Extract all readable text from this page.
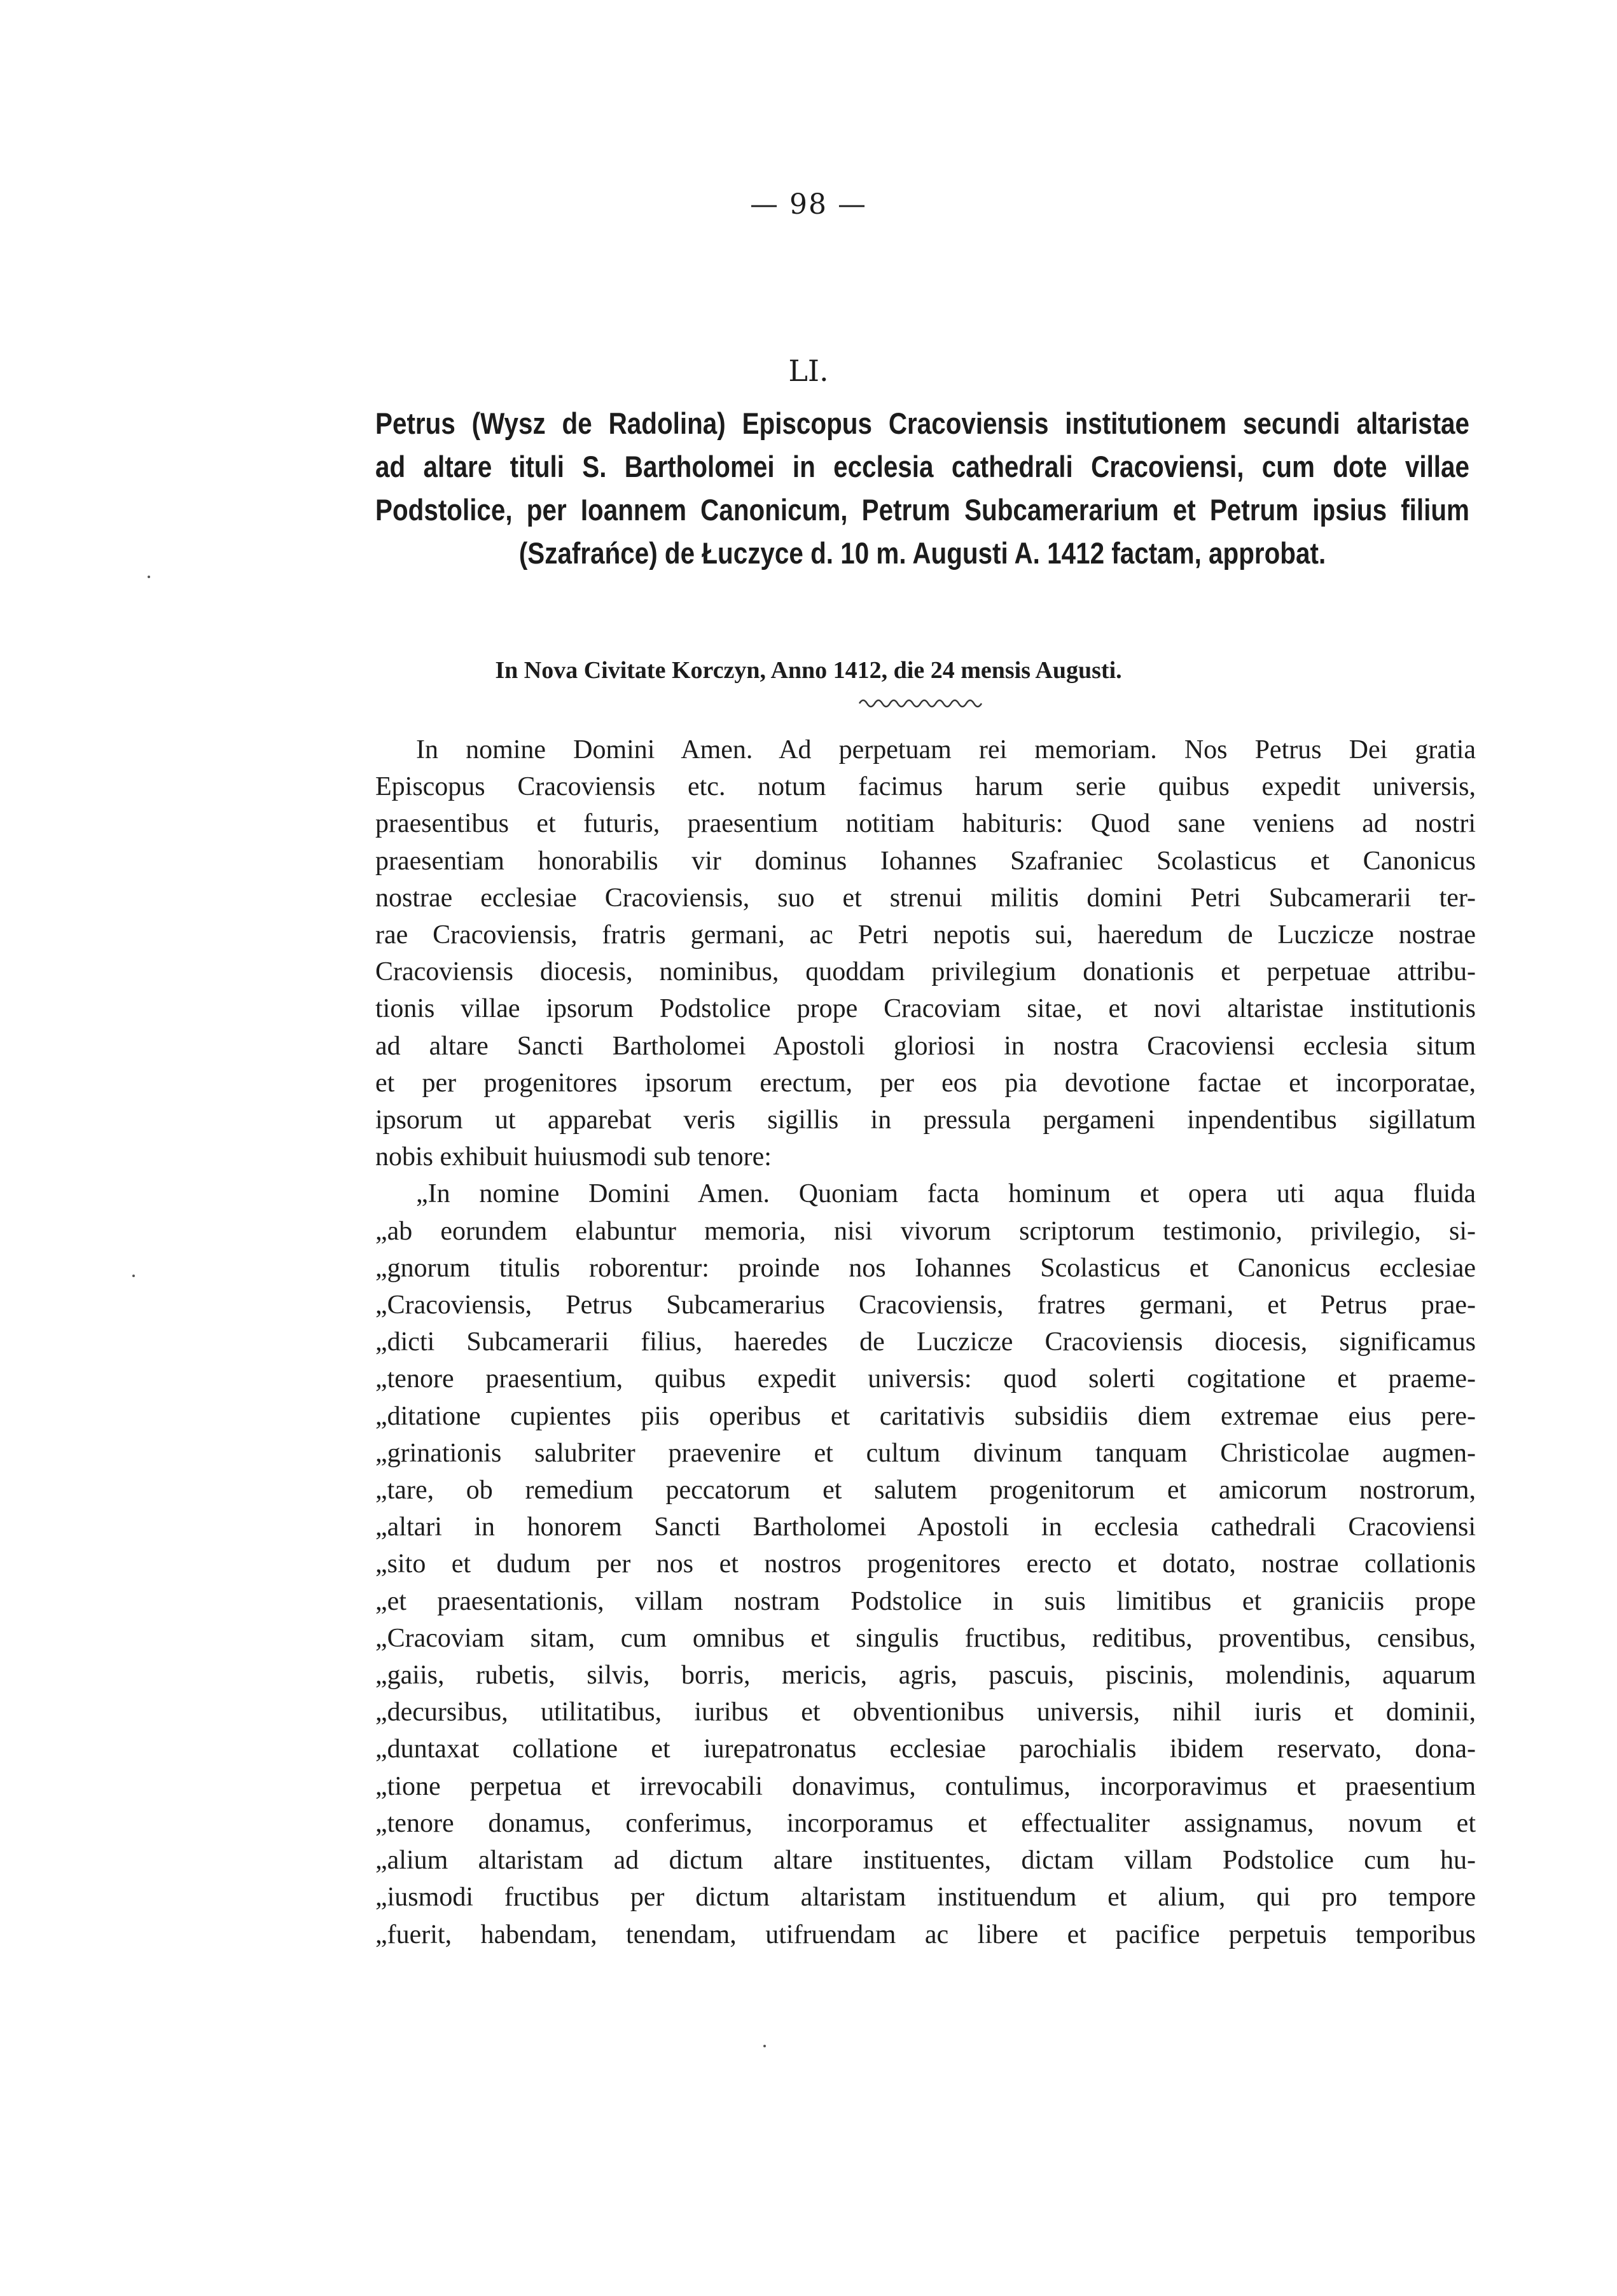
— 98 —
LI.
Petrus (Wysz de Radolina) Episcopus Cracoviensis institutionem secundi altaristae
ad altare tituli S. Bartholomei in ecclesia cathedrali Cracoviensi, cum dote villae
Podstolice, per Ioannem Canonicum, Petrum Subcamerarium et Petrum ipsius filium
(Szafrańce) de Łuczyce d. 10 m. Augusti A. 1412 factam, approbat.
In Nova Civitate Korczyn, Anno 1412, die 24 mensis Augusti.
In nomine Domini Amen. Ad perpetuam rei memoriam. Nos Petrus Dei gratia
Episcopus Cracoviensis etc. notum facimus harum serie quibus expedit universis,
praesentibus et futuris, praesentium notitiam habituris: Quod sane veniens ad nostri
praesentiam honorabilis vir dominus Iohannes Szafraniec Scolasticus et Canonicus
nostrae ecclesiae Cracoviensis, suo et strenui militis domini Petri Subcamerarii ter-
rae Cracoviensis, fratris germani, ac Petri nepotis sui, haeredum de Luczicze nostrae
Cracoviensis diocesis, nominibus, quoddam privilegium donationis et perpetuae attribu-
tionis villae ipsorum Podstolice prope Cracoviam sitae, et novi altaristae institutionis
ad altare Sancti Bartholomei Apostoli gloriosi in nostra Cracoviensi ecclesia situm
et per progenitores ipsorum erectum, per eos pia devotione factae et incorporatae,
ipsorum ut apparebat veris sigillis in pressula pergameni inpendentibus sigillatum
nobis exhibuit huiusmodi sub tenore:
„In nomine Domini Amen. Quoniam facta hominum et opera uti aqua fluida
„ab eorundem elabuntur memoria, nisi vivorum scriptorum testimonio, privilegio, si-
„gnorum titulis roborentur: proinde nos Iohannes Scolasticus et Canonicus ecclesiae
„Cracoviensis, Petrus Subcamerarius Cracoviensis, fratres germani, et Petrus prae-
„dicti Subcamerarii filius, haeredes de Luczicze Cracoviensis diocesis, significamus
„tenore praesentium, quibus expedit universis: quod solerti cogitatione et praeme-
„ditatione cupientes piis operibus et caritativis subsidiis diem extremae eius pere-
„grinationis salubriter praevenire et cultum divinum tanquam Christicolae augmen-
„tare, ob remedium peccatorum et salutem progenitorum et amicorum nostrorum,
„altari in honorem Sancti Bartholomei Apostoli in ecclesia cathedrali Cracoviensi
„sito et dudum per nos et nostros progenitores erecto et dotato, nostrae collationis
„et praesentationis, villam nostram Podstolice in suis limitibus et graniciis prope
„Cracoviam sitam, cum omnibus et singulis fructibus, reditibus, proventibus, censibus,
„gaiis, rubetis, silvis, borris, mericis, agris, pascuis, piscinis, molendinis, aquarum
„decursibus, utilitatibus, iuribus et obventionibus universis, nihil iuris et dominii,
„duntaxat collatione et iurepatronatus ecclesiae parochialis ibidem reservato, dona-
„tione perpetua et irrevocabili donavimus, contulimus, incorporavimus et praesentium
„tenore donamus, conferimus, incorporamus et effectualiter assignamus, novum et
„alium altaristam ad dictum altare instituentes, dictam villam Podstolice cum hu-
„iusmodi fructibus per dictum altaristam instituendum et alium, qui pro tempore
„fuerit, habendam, tenendam, utifruendam ac libere et pacifice perpetuis temporibus
